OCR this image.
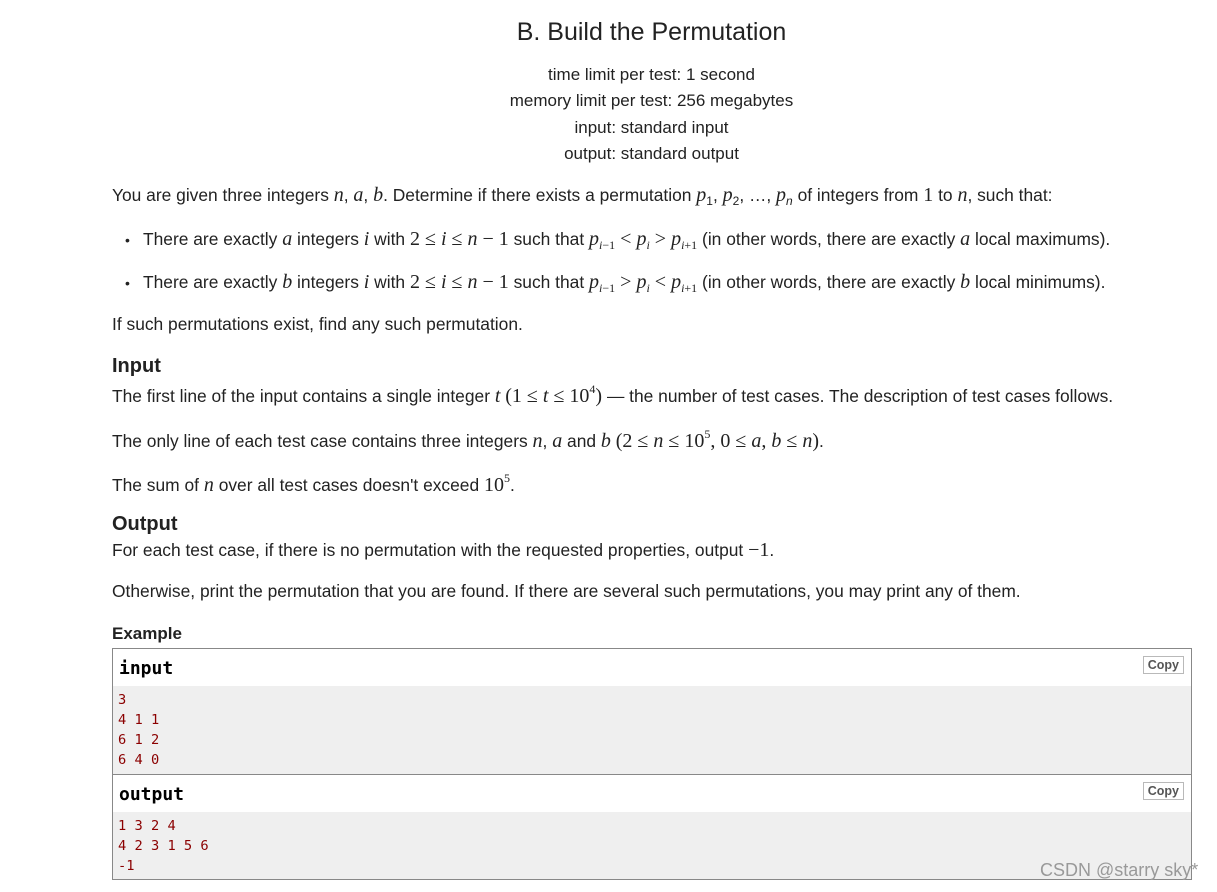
B. Build the Permutation
time limit per test: 1 second
memory limit per test: 256 megabytes
input: standard input
output: standard output
You are given three integers n, a, b. Determine if there exists a permutation $p_1$, $p_2$, …, $p_n$ of integers from 1 to n, such that:
• There are exactly a integers i with 2 ≤ i ≤ n − 1 such that $p_{i-1} < p_i > p_{i+1}$ (in other words, there are exactly a local maximums).
• There are exactly b integers i with 2 ≤ i ≤ n − 1 such that $p_{i-1} > p_i < p_{i+1}$ (in other words, there are exactly b local minimums).
If such permutations exist, find any such permutation.
Input
The first line of the input contains a single integer t $(1 \le t \le 10^4)$ — the number of test cases. The description of test cases follows.
The only line of each test case contains three integers n, a and b ($2 \le n \le 10^5$, 0 ≤ a, b ≤ n).
The sum of n over all test cases doesn't exceed $10^5$.
Output
For each test case, if there is no permutation with the requested properties, output −1.
Otherwise, print the permutation that you are found. If there are several such permutations, you may print any of them.
Example
input	Copy
3
4 1 1
6 1 2
6 4 0
output	Copy
1 3 2 4
4 2 3 1 5 6
-1	CSDN @starry sky*
